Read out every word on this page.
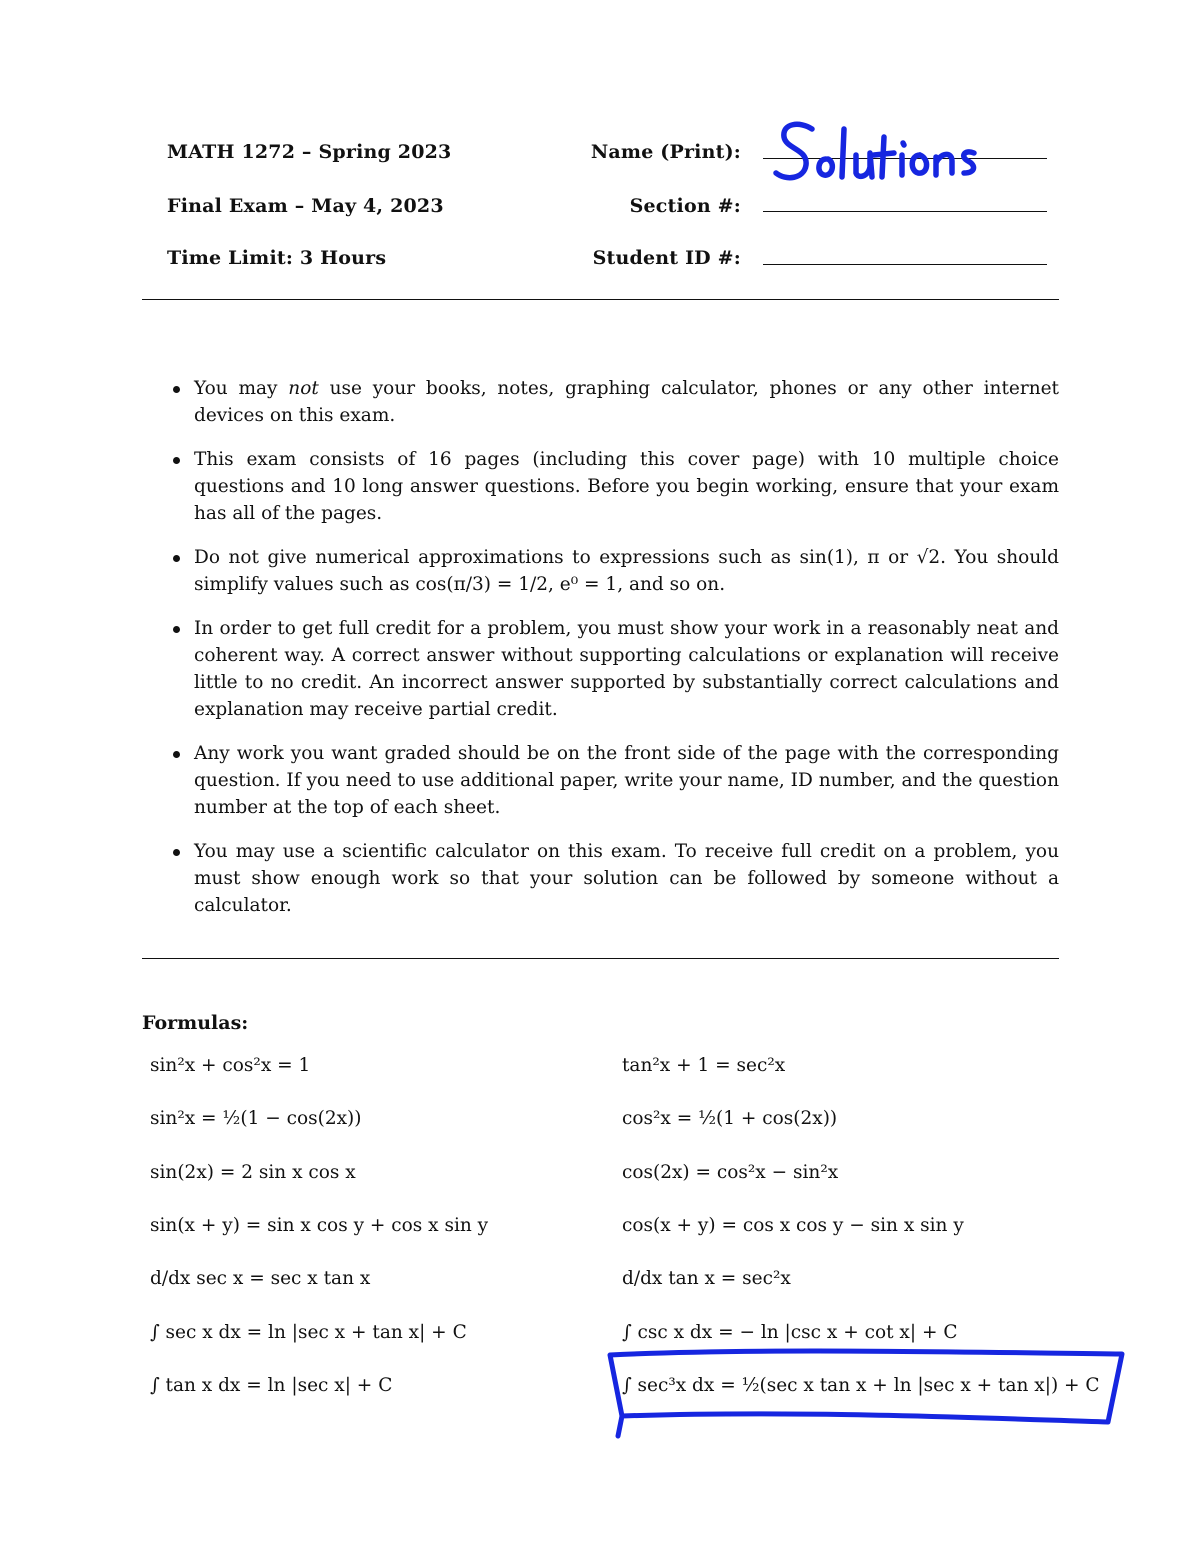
MATH 1272 – Spring 2023
Final Exam – May 4, 2023
Time Limit: 3 Hours
Name (Print):
Section #:
Student ID #:
You may not use your books, notes, graphing calculator, phones or any other internet devices on this exam.
This exam consists of 16 pages (including this cover page) with 10 multiple choice questions and 10 long answer questions. Before you begin working, ensure that your exam has all of the pages.
Do not give numerical approximations to expressions such as sin(1), π or √2. You should simplify values such as cos(π/3) = 1/2, e⁰ = 1, and so on.
In order to get full credit for a problem, you must show your work in a reasonably neat and coherent way. A correct answer without supporting calculations or explanation will receive little to no credit. An incorrect answer supported by substantially correct calculations and explanation may receive partial credit.
Any work you want graded should be on the front side of the page with the corresponding question. If you need to use additional paper, write your name, ID number, and the question number at the top of each sheet.
You may use a scientific calculator on this exam. To receive full credit on a problem, you must show enough work so that your solution can be followed by someone without a calculator.
Formulas:
sin²x + cos²x = 1	tan²x + 1 = sec²x
sin²x = ½(1 − cos(2x))	cos²x = ½(1 + cos(2x))
sin(2x) = 2 sin x cos x	cos(2x) = cos²x − sin²x
sin(x + y) = sin x cos y + cos x sin y	cos(x + y) = cos x cos y − sin x sin y
d/dx sec x = sec x tan x	d/dx tan x = sec²x
∫ sec x dx = ln |sec x + tan x| + C	∫ csc x dx = − ln |csc x + cot x| + C
∫ tan x dx = ln |sec x| + C	∫ sec³x dx = ½(sec x tan x + ln |sec x + tan x|) + C
